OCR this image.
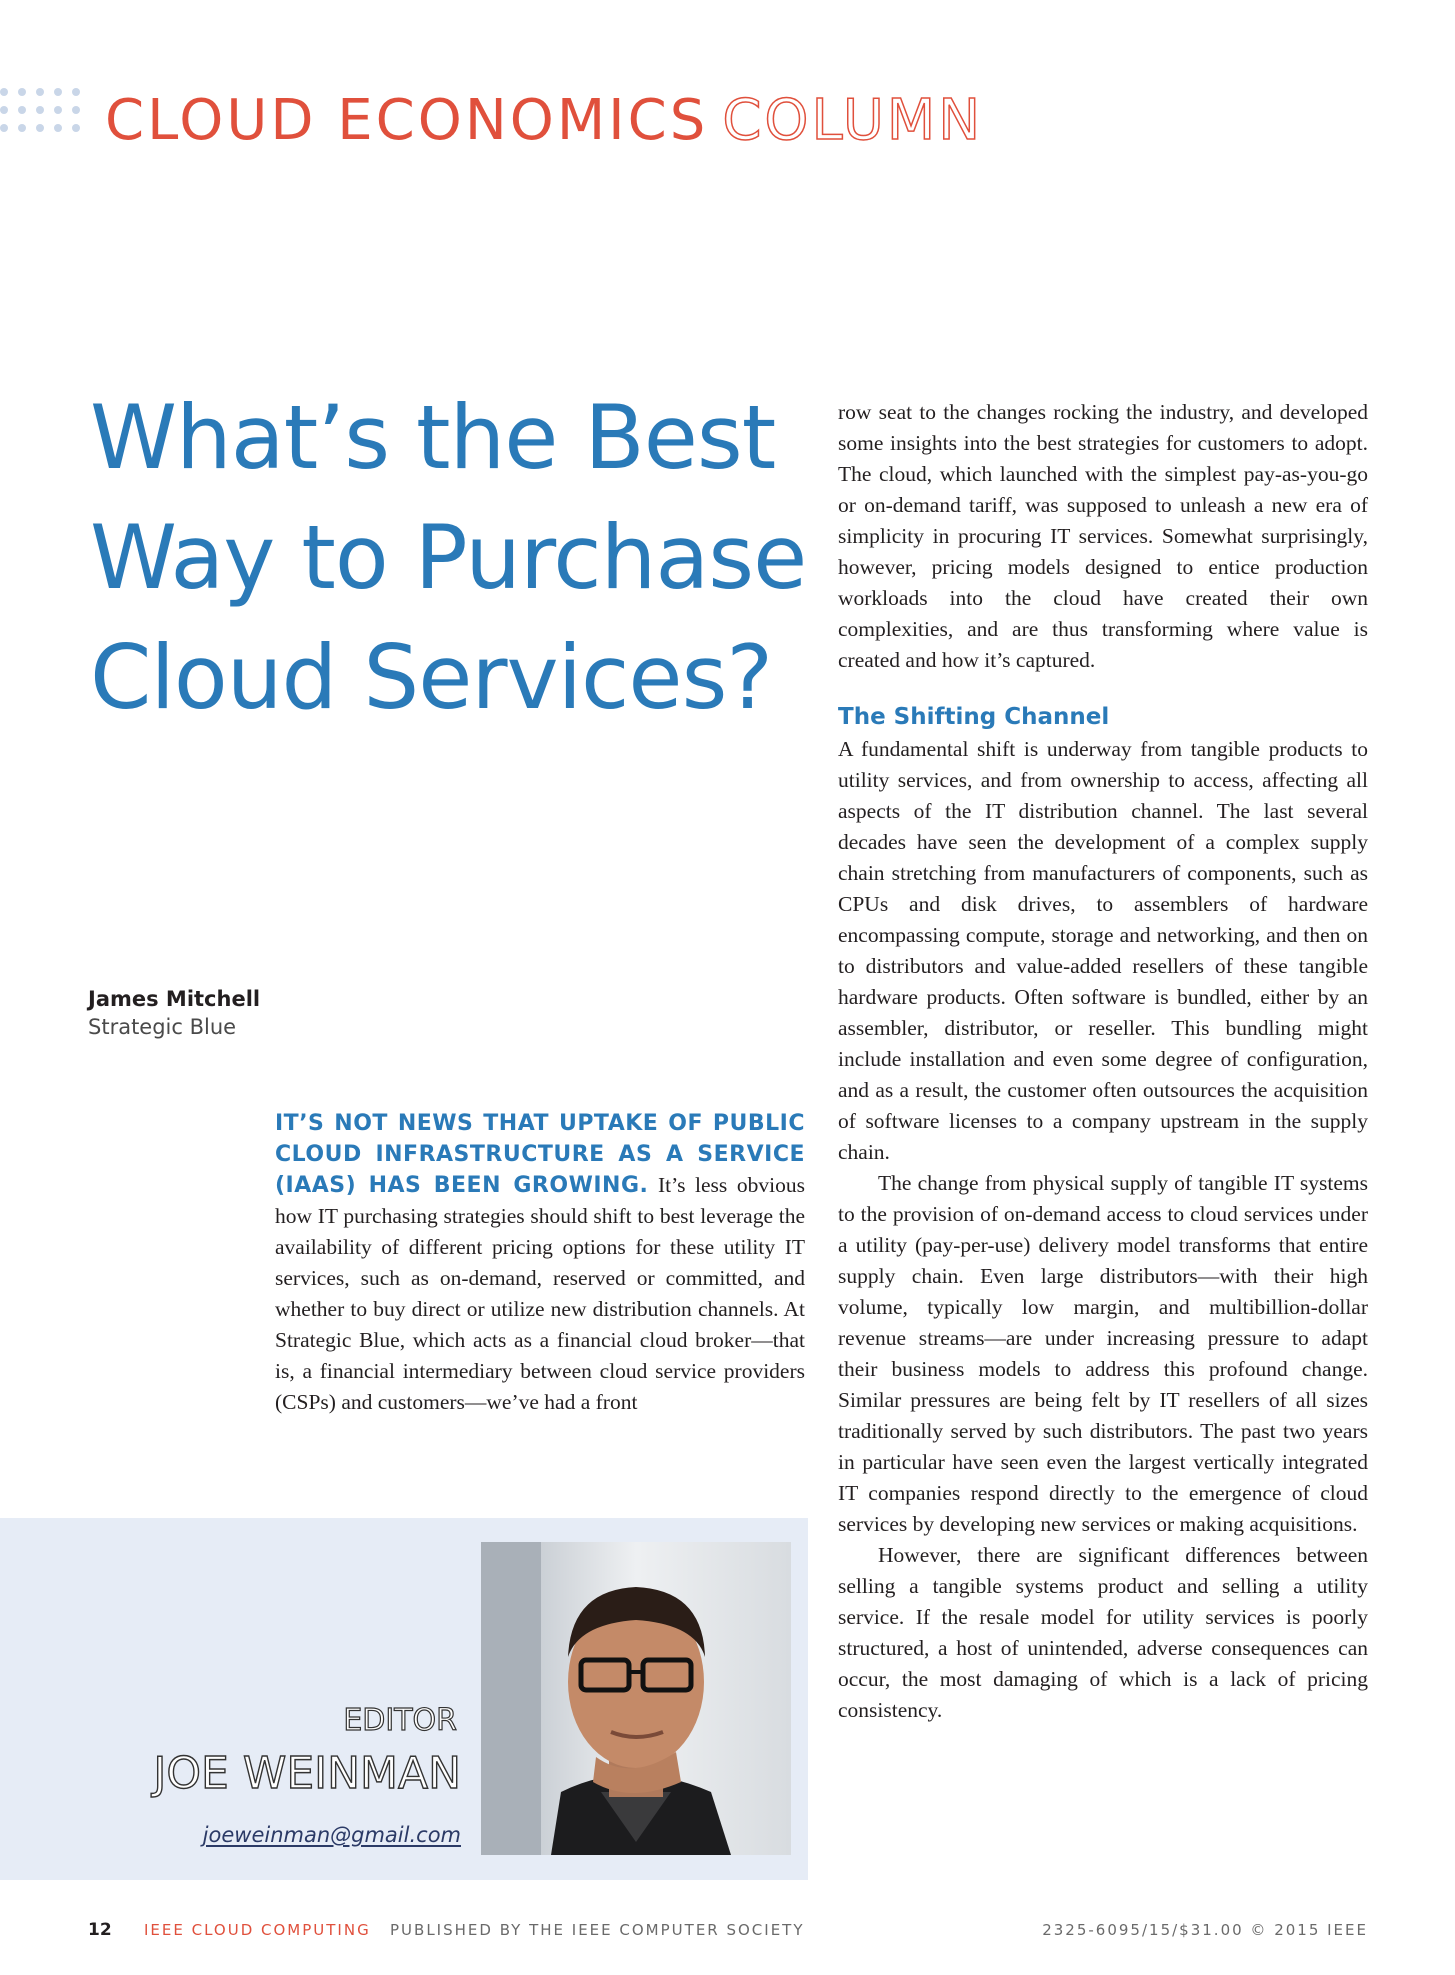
CLOUD ECONOMICS COLUMN
What’s the Best Way to Purchase Cloud Services?
James Mitchell
Strategic Blue

IT’S NOT NEWS THAT UPTAKE OF PUBLIC CLOUD INFRASTRUCTURE AS A SERVICE (IAAS) HAS BEEN GROWING. It’s less obvious how IT purchasing strategies should shift to best leverage the availability of different pricing options for these utility IT services, such as on-demand, reserved or committed, and whether to buy direct or utilize new distribution channels. At Strategic Blue, which acts as a financial cloud broker—that is, a financial intermediary between cloud service providers (CSPs) and customers—we’ve had a front

row seat to the changes rocking the industry, and developed some insights into the best strategies for customers to adopt. The cloud, which launched with the simplest pay-as-you-go or on-demand tariff, was supposed to unleash a new era of simplicity in procuring IT services. Somewhat surprisingly, however, pricing models designed to entice production workloads into the cloud have created their own complexities, and are thus transforming where value is created and how it’s captured.

The Shifting Channel

A fundamental shift is underway from tangible products to utility services, and from ownership to access, affecting all aspects of the IT distribution channel. The last several decades have seen the development of a complex supply chain stretching from manufacturers of components, such as CPUs and disk drives, to assemblers of hardware encompassing compute, storage and networking, and then on to distributors and value-added resellers of these tangible hardware products. Often software is bundled, either by an assembler, distributor, or reseller. This bundling might include installation and even some degree of configuration, and as a result, the customer often outsources the acquisition of software licenses to a company upstream in the supply chain.

The change from physical supply of tangible IT systems to the provision of on-demand access to cloud services under a utility (pay-per-use) delivery model transforms that entire supply chain. Even large distributors—with their high volume, typically low margin, and multibillion-dollar revenue streams—are under increasing pressure to adapt their business models to address this profound change. Similar pressures are being felt by IT resellers of all sizes traditionally served by such distributors. The past two years in particular have seen even the largest vertically integrated IT companies respond directly to the emergence of cloud services by developing new services or making acquisitions.

However, there are significant differences between selling a tangible systems product and selling a utility service. If the resale model for utility services is poorly structured, a host of unintended, adverse consequences can occur, the most damaging of which is a lack of pricing consistency.

EDITOR
JOE WEINMAN
joeweinman@gmail.com
12 IEEE CLOUD COMPUTING PUBLISHED BY THE IEEE COMPUTER SOCIETY	2325-6095/15/$31.00 © 2015 IEEE
